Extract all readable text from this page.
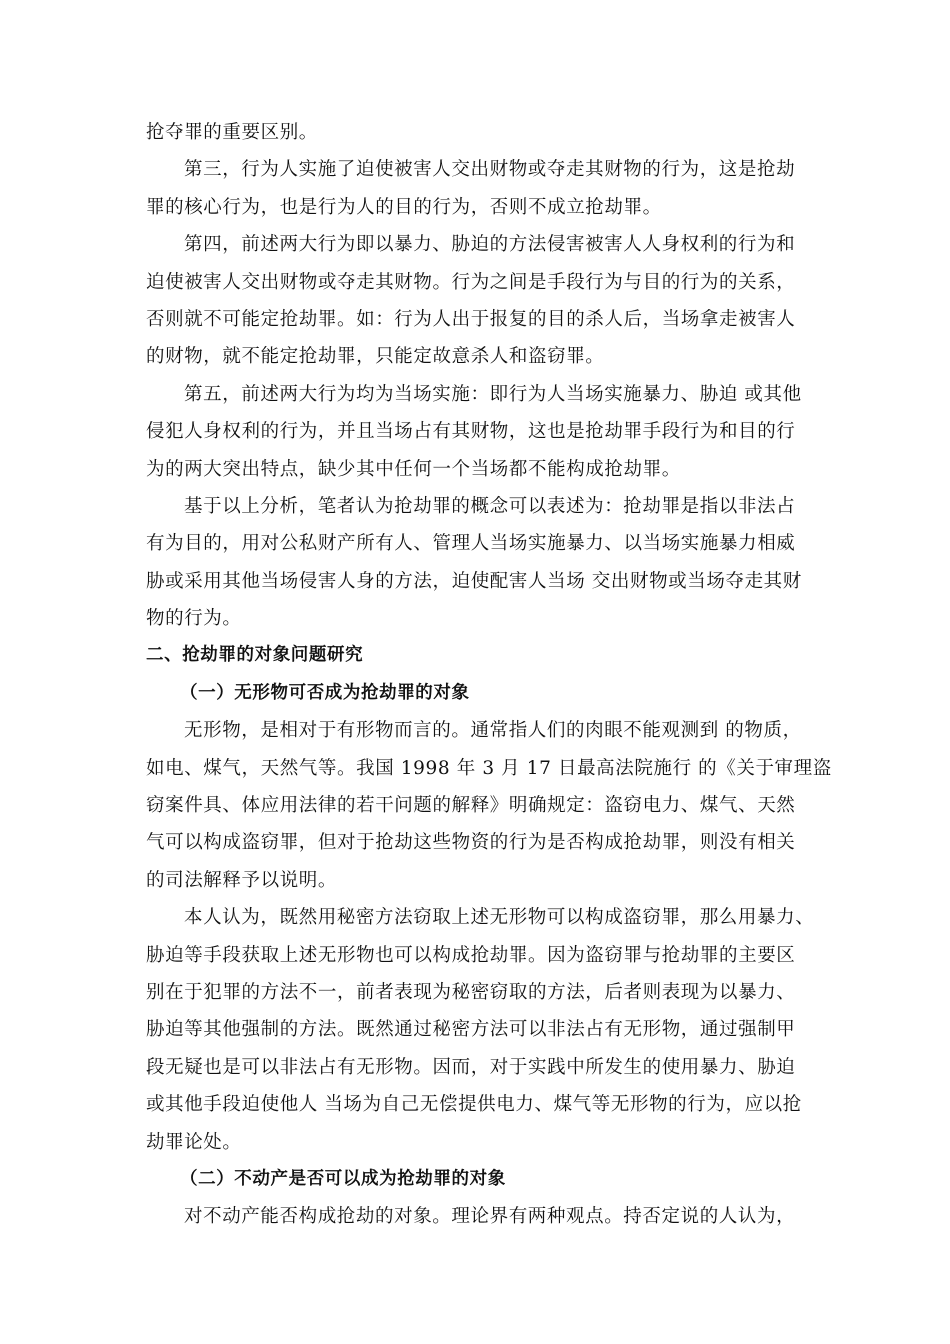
抢夺罪的重要区别。
第三，行为人实施了迫使被害人交出财物或夺走其财物的行为，这是抢劫
罪的核心行为，也是行为人的目的行为，否则不成立抢劫罪。
第四，前述两大行为即以暴力、胁迫的方法侵害被害人人身权利的行为和
迫使被害人交出财物或夺走其财物。行为之间是手段行为与目的行为的关系，
否则就不可能定抢劫罪。如：行为人出于报复的目的杀人后，当场拿走被害人
的财物，就不能定抢劫罪，只能定故意杀人和盗窃罪。
第五，前述两大行为均为当场实施：即行为人当场实施暴力、胁迫 或其他
侵犯人身权利的行为，并且当场占有其财物，这也是抢劫罪手段行为和目的行
为的两大突出特点，缺少其中任何一个当场都不能构成抢劫罪。
基于以上分析，笔者认为抢劫罪的概念可以表述为：抢劫罪是指以非法占
有为目的，用对公私财产所有人、管理人当场实施暴力、以当场实施暴力相威
胁或采用其他当场侵害人身的方法，迫使配害人当场 交出财物或当场夺走其财
物的行为。
二、抢劫罪的对象问题研究
（一）无形物可否成为抢劫罪的对象
无形物，是相对于有形物而言的。通常指人们的肉眼不能观测到 的物质，
如电、煤气，天然气等。我国 1998 年 3 月 17 日最高法院施行 的《关于审理盗
窃案件具、体应用法律的若干问题的解释》明确规定：盗窃电力、煤气、天然
气可以构成盗窃罪，但对于抢劫这些物资的行为是否构成抢劫罪，则没有相关
的司法解释予以说明。
本人认为，既然用秘密方法窃取上述无形物可以构成盗窃罪，那么用暴力、
胁迫等手段获取上述无形物也可以构成抢劫罪。因为盗窃罪与抢劫罪的主要区
别在于犯罪的方法不一，前者表现为秘密窃取的方法，后者则表现为以暴力、
胁迫等其他强制的方法。既然通过秘密方法可以非法占有无形物，通过强制甲
段无疑也是可以非法占有无形物。因而，对于实践中所发生的使用暴力、胁迫
或其他手段迫使他人 当场为自己无偿提供电力、煤气等无形物的行为，应以抢
劫罪论处。
（二）不动产是否可以成为抢劫罪的对象
对不动产能否构成抢劫的对象。理论界有两种观点。持否定说的人认为，
